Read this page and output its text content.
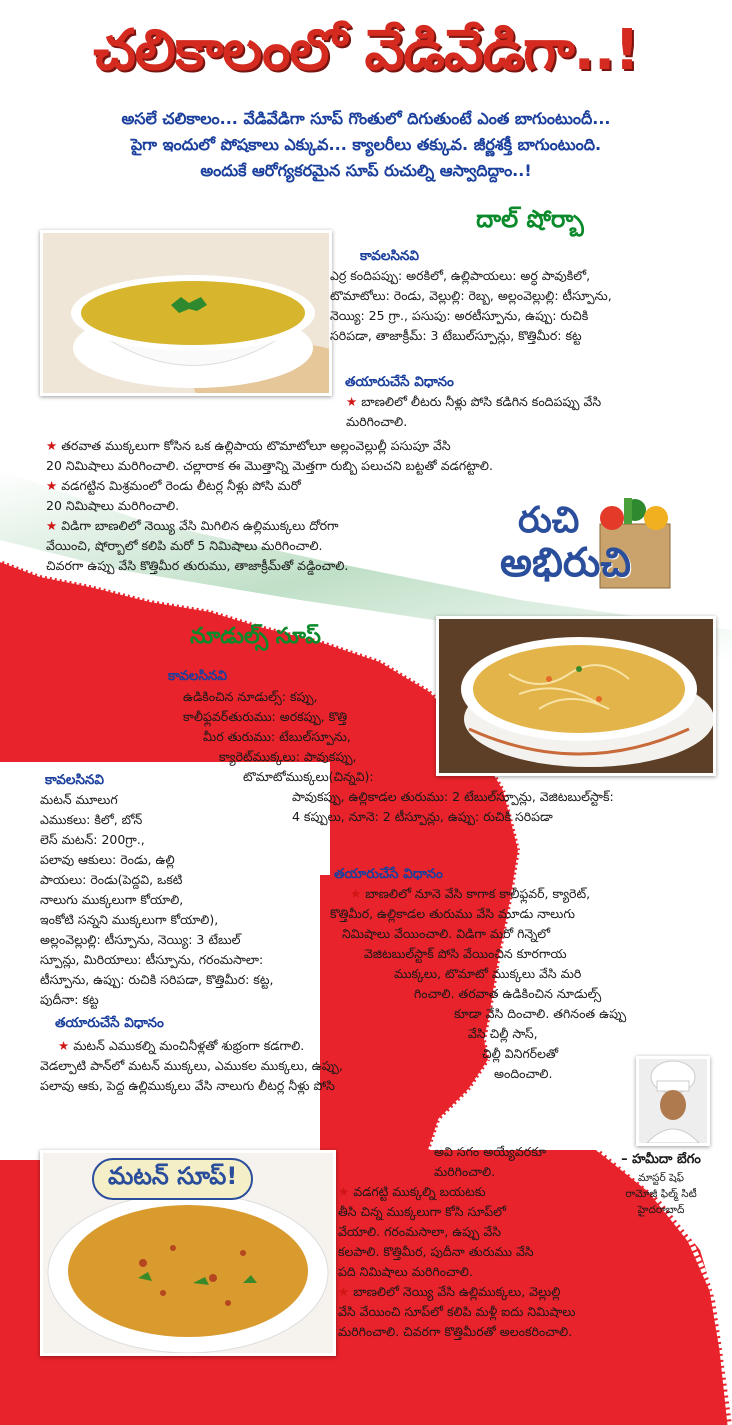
చలికాలంలో వేడివేడిగా..!
అసలే చలికాలం... వేడివేడిగా సూప్ గొంతులో దిగుతుంటే ఎంత బాగుంటుందీ...
పైగా ఇందులో పోషకాలు ఎక్కువ... క్యాలరీలు తక్కువ. జీర్ణశక్తీ బాగుంటుంది.
అందుకే ఆరోగ్యకరమైన సూప్ రుచుల్ని ఆస్వాదిద్దాం..!
దాల్ షోర్బా
కావలసినవి
ఎర్ర కందిపప్పు: అరకిలో, ఉల్లిపాయలు: అర్ధ పావుకిలో,
టొమాటోలు: రెండు, వెల్లుల్లి: రెబ్బ, అల్లంవెల్లుల్లి: టీస్పూను,
నెయ్యి: 25 గ్రా., పసుపు: అరటీస్పూను, ఉప్పు: రుచికి
సరిపడా, తాజాక్రీమ్: 3 టేబుల్‌స్పూన్లు, కొత్తిమీర: కట్ట
తయారుచేసే విధానం
★ బాణలిలో లీటరు నీళ్లు పోసి కడిగిన కందిపప్పు వేసి
మరిగించాలి.
★ తరవాత ముక్కలుగా కోసిన ఒక ఉల్లిపాయ టొమాటోలూ అల్లంవెల్లుల్లీ పసుపూ వేసి
20 నిమిషాలు మరిగించాలి. చల్లారాక ఈ మొత్తాన్ని మెత్తగా రుబ్బి పలుచని బట్టతో వడగట్టాలి.
★ వడగట్టిన మిశ్రమంలో రెండు లీటర్ల నీళ్లు పోసి మరో
20 నిమిషాలు మరిగించాలి.
★ విడిగా బాణలిలో నెయ్యి వేసి మిగిలిన ఉల్లిముక్కలు దోరగా
వేయించి, షోర్బాలో కలిపి మరో 5 నిమిషాలు మరిగించాలి.
చివరగా ఉప్పు వేసి కొత్తిమీర తురుము, తాజాక్రీమ్‌తో వడ్డించాలి.
రుచి
అభిరుచి
నూడుల్స్ సూప్
కావలసినవి
ఉడికించిన నూడుల్స్: కప్పు,
కాలీఫ్లవర్‌తురుము: అరకప్పు, కొత్తి
మీర తురుము: టేబుల్‌స్పూను,
క్యారెట్‌ముక్కలు: పావుకప్పు,
టొమాటోముక్కలు(చిన్నవి):
పావుకప్పు, ఉల్లికాడల తురుము: 2 టేబుల్‌స్పూన్లు, వెజిటబుల్‌స్టాక్:
4 కప్పులు, నూనె: 2 టీస్పూన్లు, ఉప్పు: రుచికి సరిపడా
తయారుచేసే విధానం
★ బాణలిలో నూనె వేసి కాగాక కాలీఫ్లవర్, క్యారెట్,
కొత్తిమీర, ఉల్లికాడల తురుము వేసి మూడు నాలుగు
నిమిషాలు వేయించాలి. విడిగా మరో గిన్నెలో
వెజిటబుల్‌స్టాక్ పోసి వేయించిన కూరగాయ
ముక్కలు, టొమాటో ముక్కలు వేసి మరి
గించాలి. తరవాత ఉడికించిన నూడుల్స్
కూడా వేసి దించాలి. తగినంత ఉప్పు
వేసి చిల్లీ సాస్,
చిల్లీ వినిగర్‌లతో
అందించాలి.
– హమీదా బేగం
మాస్టర్ షెఫ్
రామోజీ ఫిల్మ్ సిటీ
హైదరాబాద్
కావలసినవి
మటన్ మూలుగ
ఎముకలు: కిలో, బోన్
లెస్ మటన్: 200గ్రా.,
పలావు ఆకులు: రెండు, ఉల్లి
పాయలు: రెండు(పెద్దవి, ఒకటి
నాలుగు ముక్కలుగా కోయాలి,
ఇంకోటి సన్నని ముక్కలుగా కోయాలి),
అల్లంవెల్లుల్లి: టీస్పూను, నెయ్యి: 3 టేబుల్
స్పూన్లు, మిరియాలు: టీస్పూను, గరంమసాలా:
టీస్పూను, ఉప్పు: రుచికి సరిపడా, కొత్తిమీర: కట్ట,
పుదీనా: కట్ట
తయారుచేసే విధానం
★ మటన్ ఎముకల్ని మంచినీళ్లతో శుభ్రంగా కడగాలి.
వెడల్పాటి పాన్‌లో మటన్ ముక్కలు, ఎముకల ముక్కలు, ఉప్పు,
పలావు ఆకు, పెద్ద ఉల్లిముక్కలు వేసి నాలుగు లీటర్ల నీళ్లు పోసి
మటన్ సూప్!
అవి సగం అయ్యేవరకూ
మరిగించాలి.
★ వడగట్టి ముక్కల్ని బయటకు
తీసి చిన్న ముక్కలుగా కోసి సూప్‌లో
వేయాలి. గరంమసాలా, ఉప్పు వేసి
కలపాలి. కొత్తిమీర, పుదీనా తురుము వేసి
పది నిమిషాలు మరిగించాలి.
★ బాణలిలో నెయ్యి వేసి ఉల్లిముక్కలు, వెల్లుల్లి
వేసి వేయించి సూప్‌లో కలిపి మళ్లీ ఐదు నిమిషాలు
మరిగించాలి. చివరగా కొత్తిమీరతో అలంకరించాలి.
